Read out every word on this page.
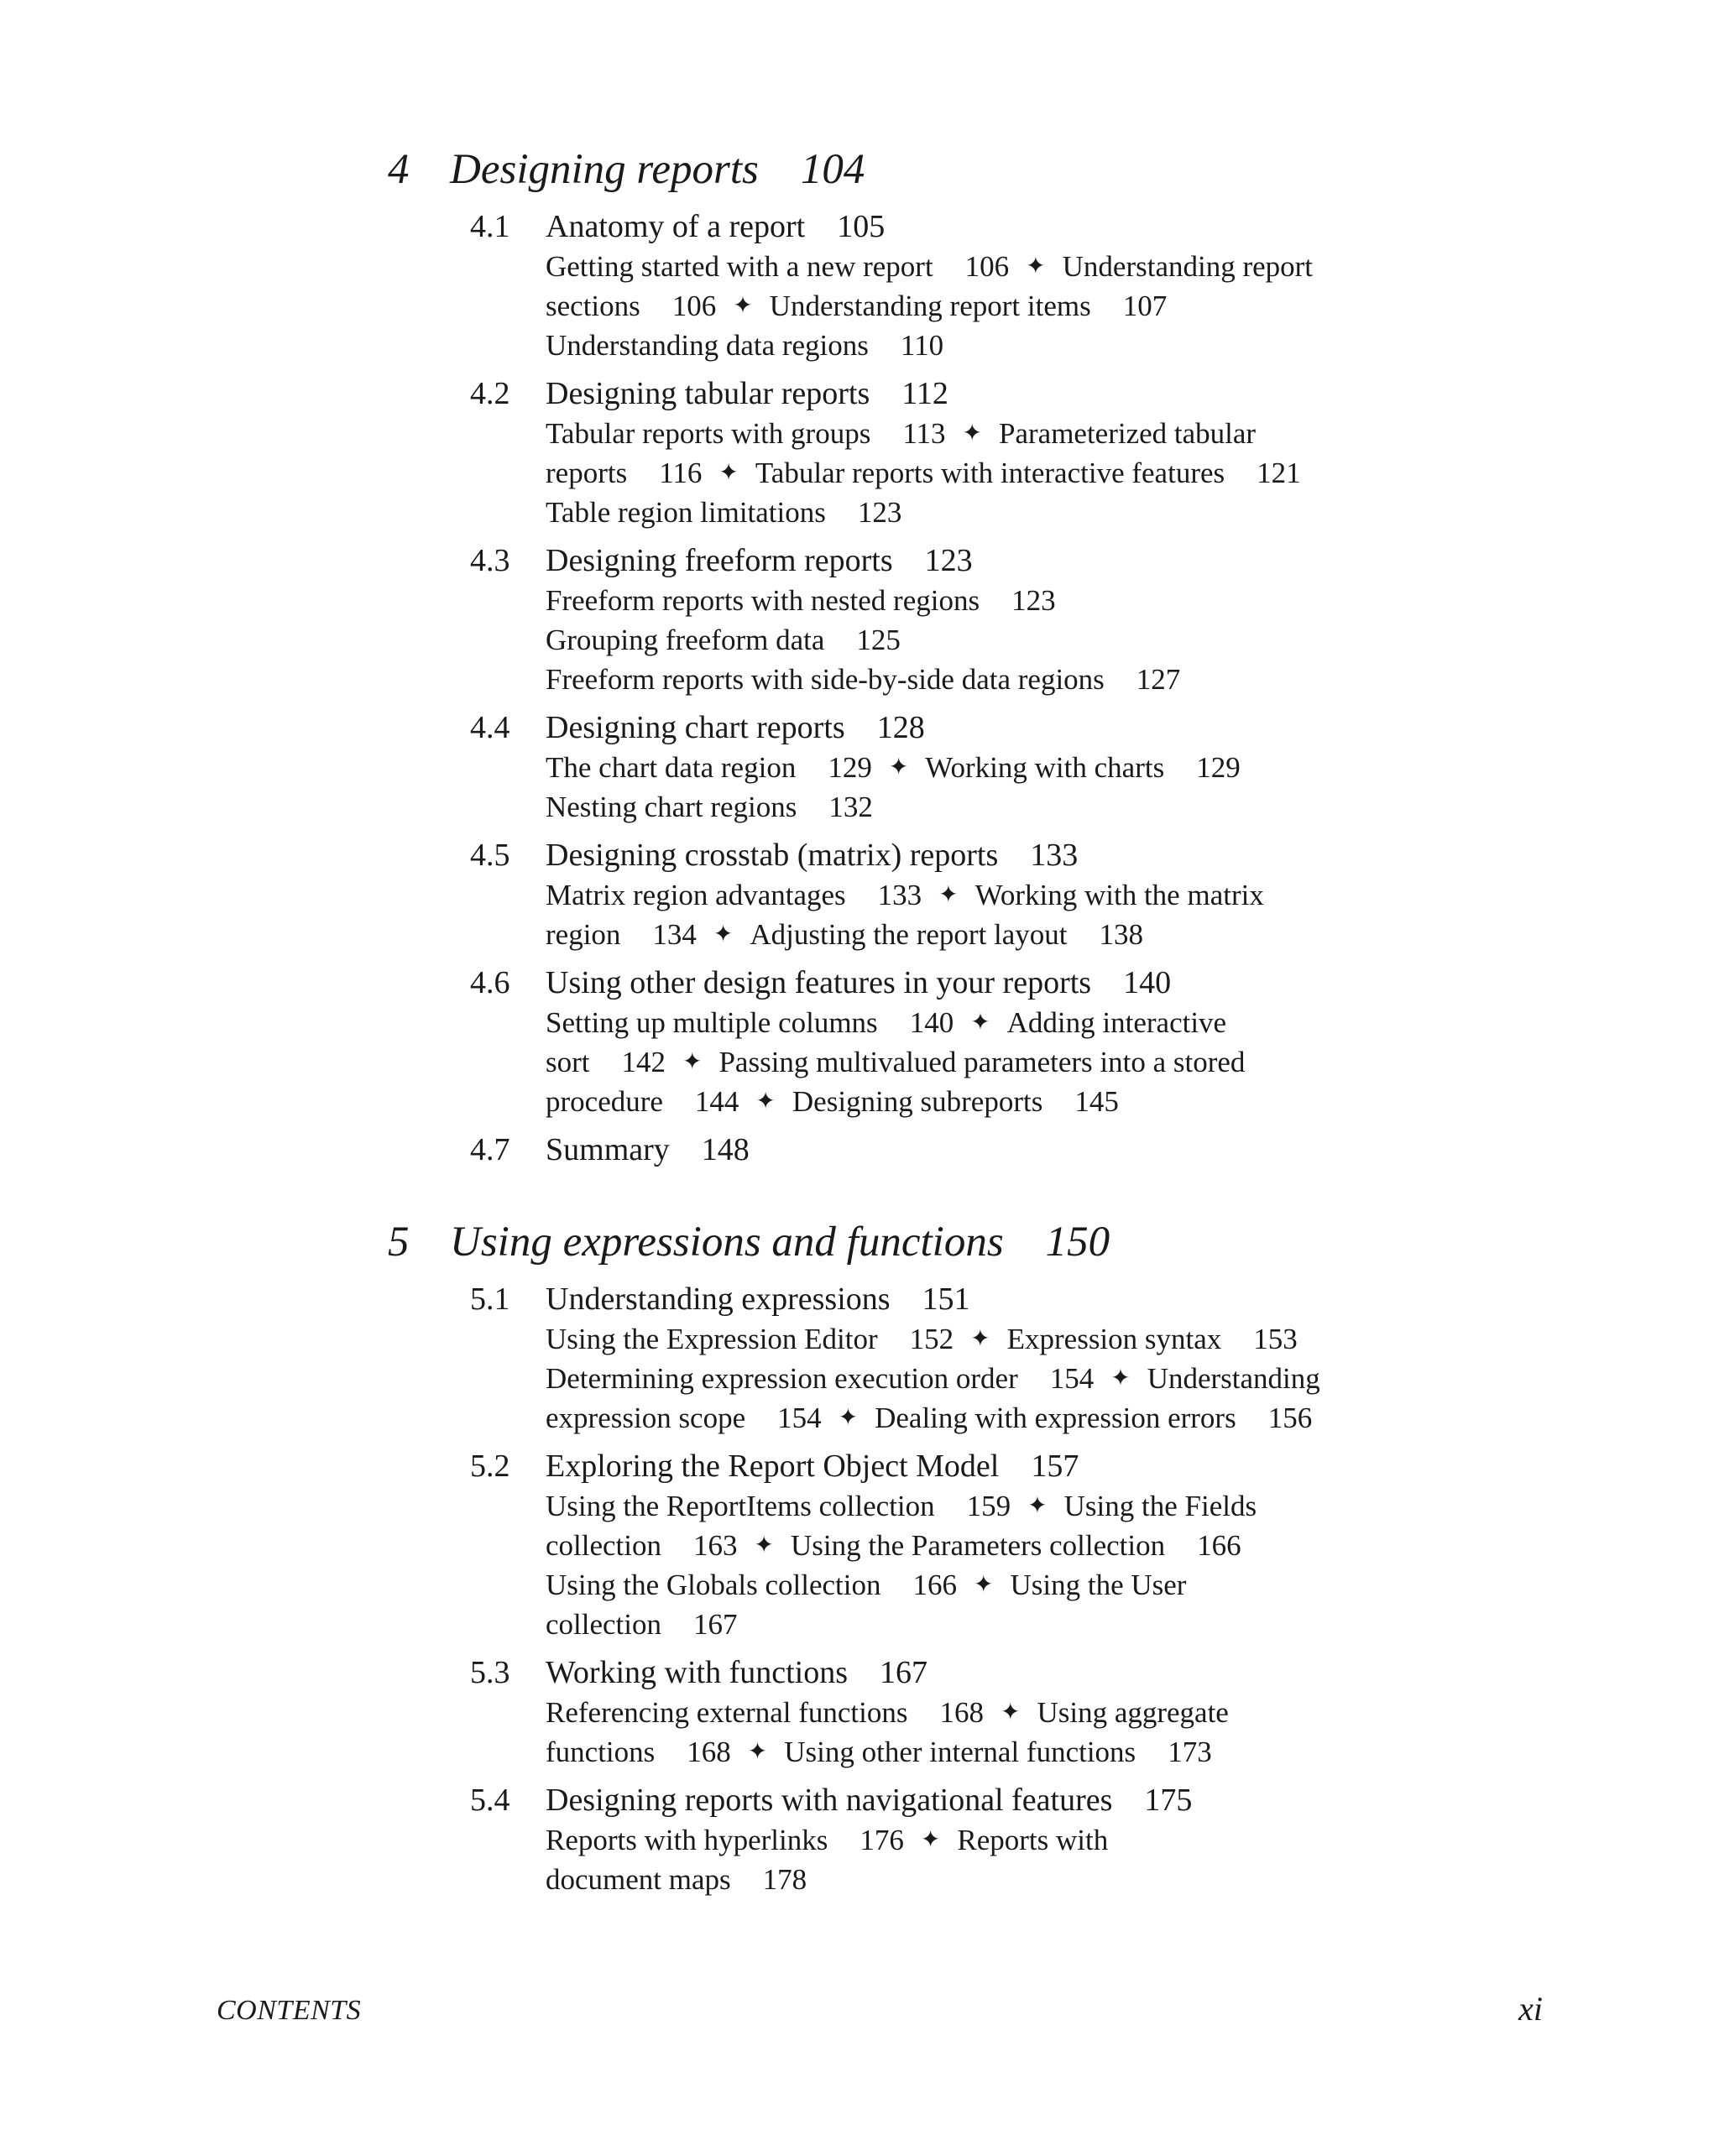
4 Designing reports 104
4.1 Anatomy of a report 105
Getting started with a new report 106 ✦ Understanding report
sections 106 ✦ Understanding report items 107
Understanding data regions 110
4.2 Designing tabular reports 112
Tabular reports with groups 113 ✦ Parameterized tabular
reports 116 ✦ Tabular reports with interactive features 121
Table region limitations 123
4.3 Designing freeform reports 123
Freeform reports with nested regions 123
Grouping freeform data 125
Freeform reports with side-by-side data regions 127
4.4 Designing chart reports 128
The chart data region 129 ✦ Working with charts 129
Nesting chart regions 132
4.5 Designing crosstab (matrix) reports 133
Matrix region advantages 133 ✦ Working with the matrix
region 134 ✦ Adjusting the report layout 138
4.6 Using other design features in your reports 140
Setting up multiple columns 140 ✦ Adding interactive
sort 142 ✦ Passing multivalued parameters into a stored
procedure 144 ✦ Designing subreports 145
4.7 Summary 148
5 Using expressions and functions 150
5.1 Understanding expressions 151
Using the Expression Editor 152 ✦ Expression syntax 153
Determining expression execution order 154 ✦ Understanding
expression scope 154 ✦ Dealing with expression errors 156
5.2 Exploring the Report Object Model 157
Using the ReportItems collection 159 ✦ Using the Fields
collection 163 ✦ Using the Parameters collection 166
Using the Globals collection 166 ✦ Using the User
collection 167
5.3 Working with functions 167
Referencing external functions 168 ✦ Using aggregate
functions 168 ✦ Using other internal functions 173
5.4 Designing reports with navigational features 175
Reports with hyperlinks 176 ✦ Reports with
document maps 178
CONTENTS	xi
